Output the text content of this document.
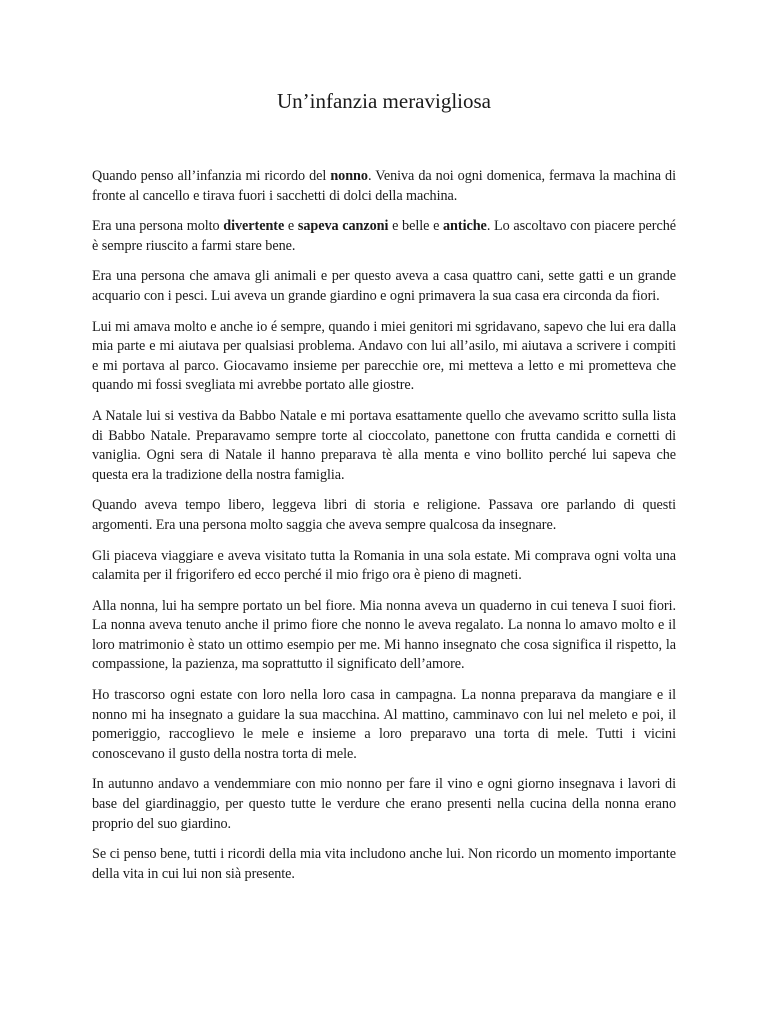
Un’infanzia meravigliosa

Quando penso all’infanzia mi ricordo del nonno. Veniva da noi ogni domenica, fermava la machina di fronte al cancello e tirava fuori i sacchetti di dolci della machina.

Era una persona molto divertente e sapeva canzoni e belle e antiche. Lo ascoltavo con piacere perché è sempre riuscito a farmi stare bene.

Era una persona che amava gli animali e per questo aveva a casa quattro cani, sette gatti e un grande acquario con i pesci. Lui aveva un grande giardino e ogni primavera la sua casa era circonda da fiori.

Lui mi amava molto e anche io é sempre, quando i miei genitori mi sgridavano, sapevo che lui era dalla mia parte e mi aiutava per qualsiasi problema. Andavo con lui all’asilo, mi aiutava a scrivere i compiti e mi portava al parco. Giocavamo insieme per parecchie ore, mi metteva a letto e mi prometteva che quando mi fossi svegliata mi avrebbe portato alle giostre.

A Natale lui si vestiva da Babbo Natale e mi portava esattamente quello che avevamo scritto sulla lista di Babbo Natale. Preparavamo sempre torte al cioccolato, panettone con frutta candida e cornetti di vaniglia. Ogni sera di Natale il hanno preparava tè alla menta e vino bollito perché lui sapeva che questa era la tradizione della nostra famiglia.

Quando aveva tempo libero, leggeva libri di storia e religione. Passava ore parlando di questi argomenti. Era una persona molto saggia che aveva sempre qualcosa da insegnare.

Gli piaceva viaggiare e aveva visitato tutta la Romania in una sola estate. Mi comprava ogni volta una calamita per il frigorifero ed ecco perché il mio frigo ora è pieno di magneti.

Alla nonna, lui ha sempre portato un bel fiore. Mia nonna aveva un quaderno in cui teneva I suoi fiori. La nonna aveva tenuto anche il primo fiore che nonno le aveva regalato. La nonna lo amavo molto e il loro matrimonio è stato un ottimo esempio per me. Mi hanno insegnato che cosa significa il rispetto, la compassione, la pazienza, ma soprattutto il significato dell’amore.

Ho trascorso ogni estate con loro nella loro casa in campagna. La nonna preparava da mangiare e il nonno mi ha insegnato a guidare la sua macchina. Al mattino, camminavo con lui nel meleto e poi, il pomeriggio, raccoglievo le mele e insieme a loro preparavo una torta di mele. Tutti i vicini conoscevano il gusto della nostra torta di mele.

In autunno andavo a vendemmiare con mio nonno per fare il vino e ogni giorno insegnava i lavori di base del giardinaggio, per questo tutte le verdure che erano presenti nella cucina della nonna erano proprio del suo giardino.

Se ci penso bene, tutti i ricordi della mia vita includono anche lui. Non ricordo un momento importante della vita in cui lui non sià presente.
